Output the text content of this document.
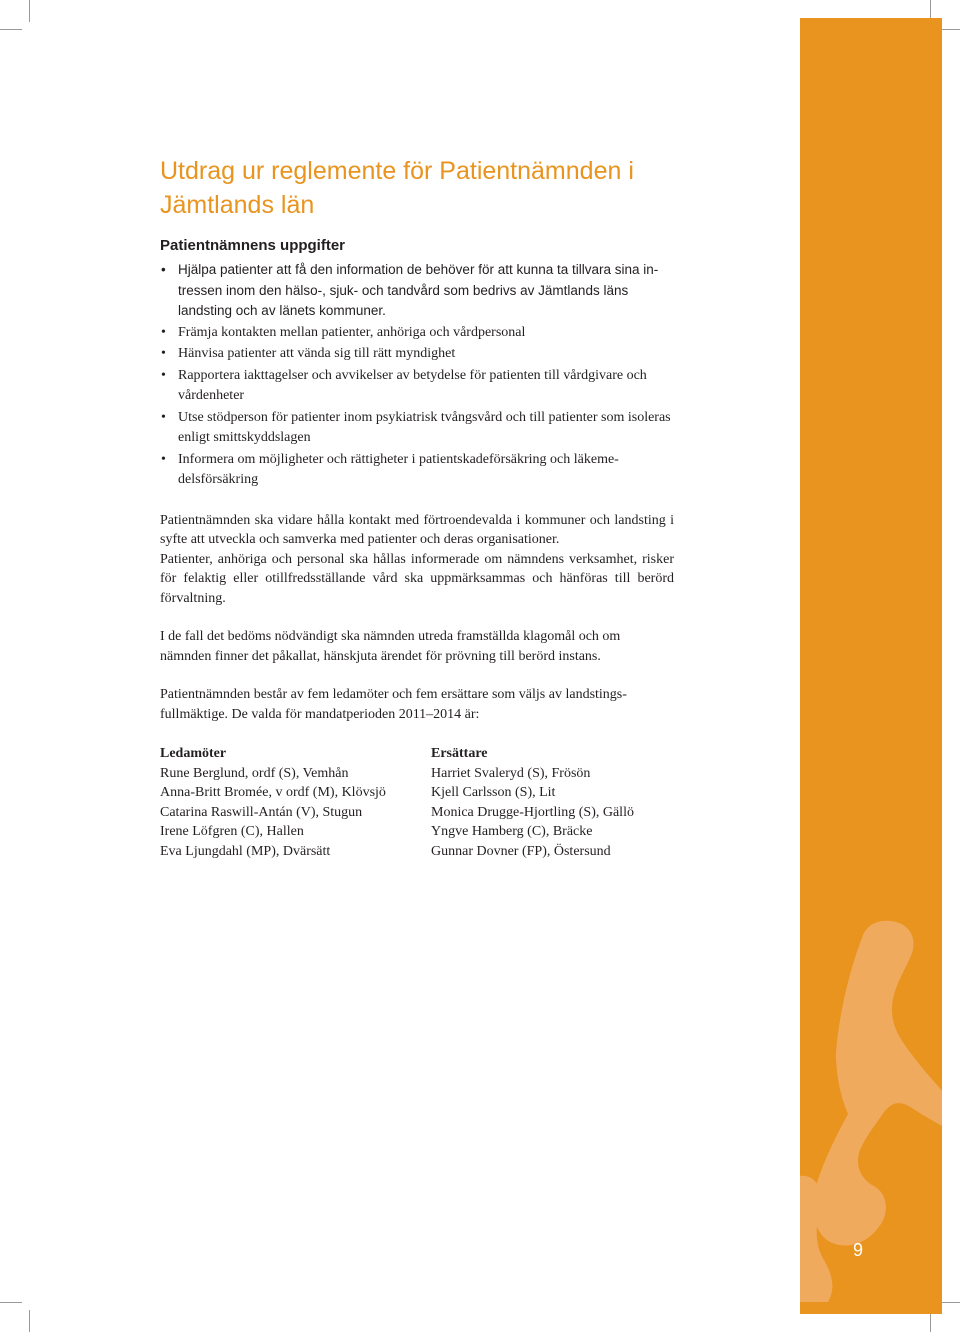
9
Utdrag ur reglemente för Patientnämnden i Jämtlands län
Patientnämnens uppgifter
• Hjälpa patienter att få den information de behöver för att kunna ta tillvara sina in-tressen inom den hälso-, sjuk- och tandvård som bedrivs av Jämtlands läns landsting och av länets kommuner.
• Främja kontakten mellan patienter, anhöriga och vårdpersonal
• Hänvisa patienter att vända sig till rätt myndighet
• Rapportera iakttagelser och avvikelser av betydelse för patienten till vårdgivare och vårdenheter
• Utse stödperson för patienter inom psykiatrisk tvångsvård och till patienter som isoleras enligt smittskyddslagen
• Informera om möjligheter och rättigheter i patientskadeförsäkring och läkeme-delsförsäkring

Patientnämnden ska vidare hålla kontakt med förtroendevalda i kommuner och landsting i syfte att utveckla och samverka med patienter och deras organisationer.

Patienter, anhöriga och personal ska hållas informerade om nämndens verksamhet, risker för felaktig eller otillfredsställande vård ska uppmärksammas och hänföras till berörd förvaltning.

I de fall det bedöms nödvändigt ska nämnden utreda framställda klagomål och om nämnden finner det påkallat, hänskjuta ärendet för prövning till berörd instans.

Patientnämnden består av fem ledamöter och fem ersättare som väljs av landstings-fullmäktige. De valda för mandatperioden 2011–2014 är:

Ledamöter
Rune Berglund, ordf (S), Vemhån
Anna-Britt Bromée, v ordf (M), Klövsjö
Catarina Raswill-Antán (V), Stugun
Irene Löfgren (C), Hallen
Eva Ljungdahl (MP), Dvärsätt
Ersättare
Harriet Svaleryd (S), Frösön
Kjell Carlsson (S), Lit
Monica Drugge-Hjortling (S), Gällö
Yngve Hamberg (C), Bräcke
Gunnar Dovner (FP), Östersund
